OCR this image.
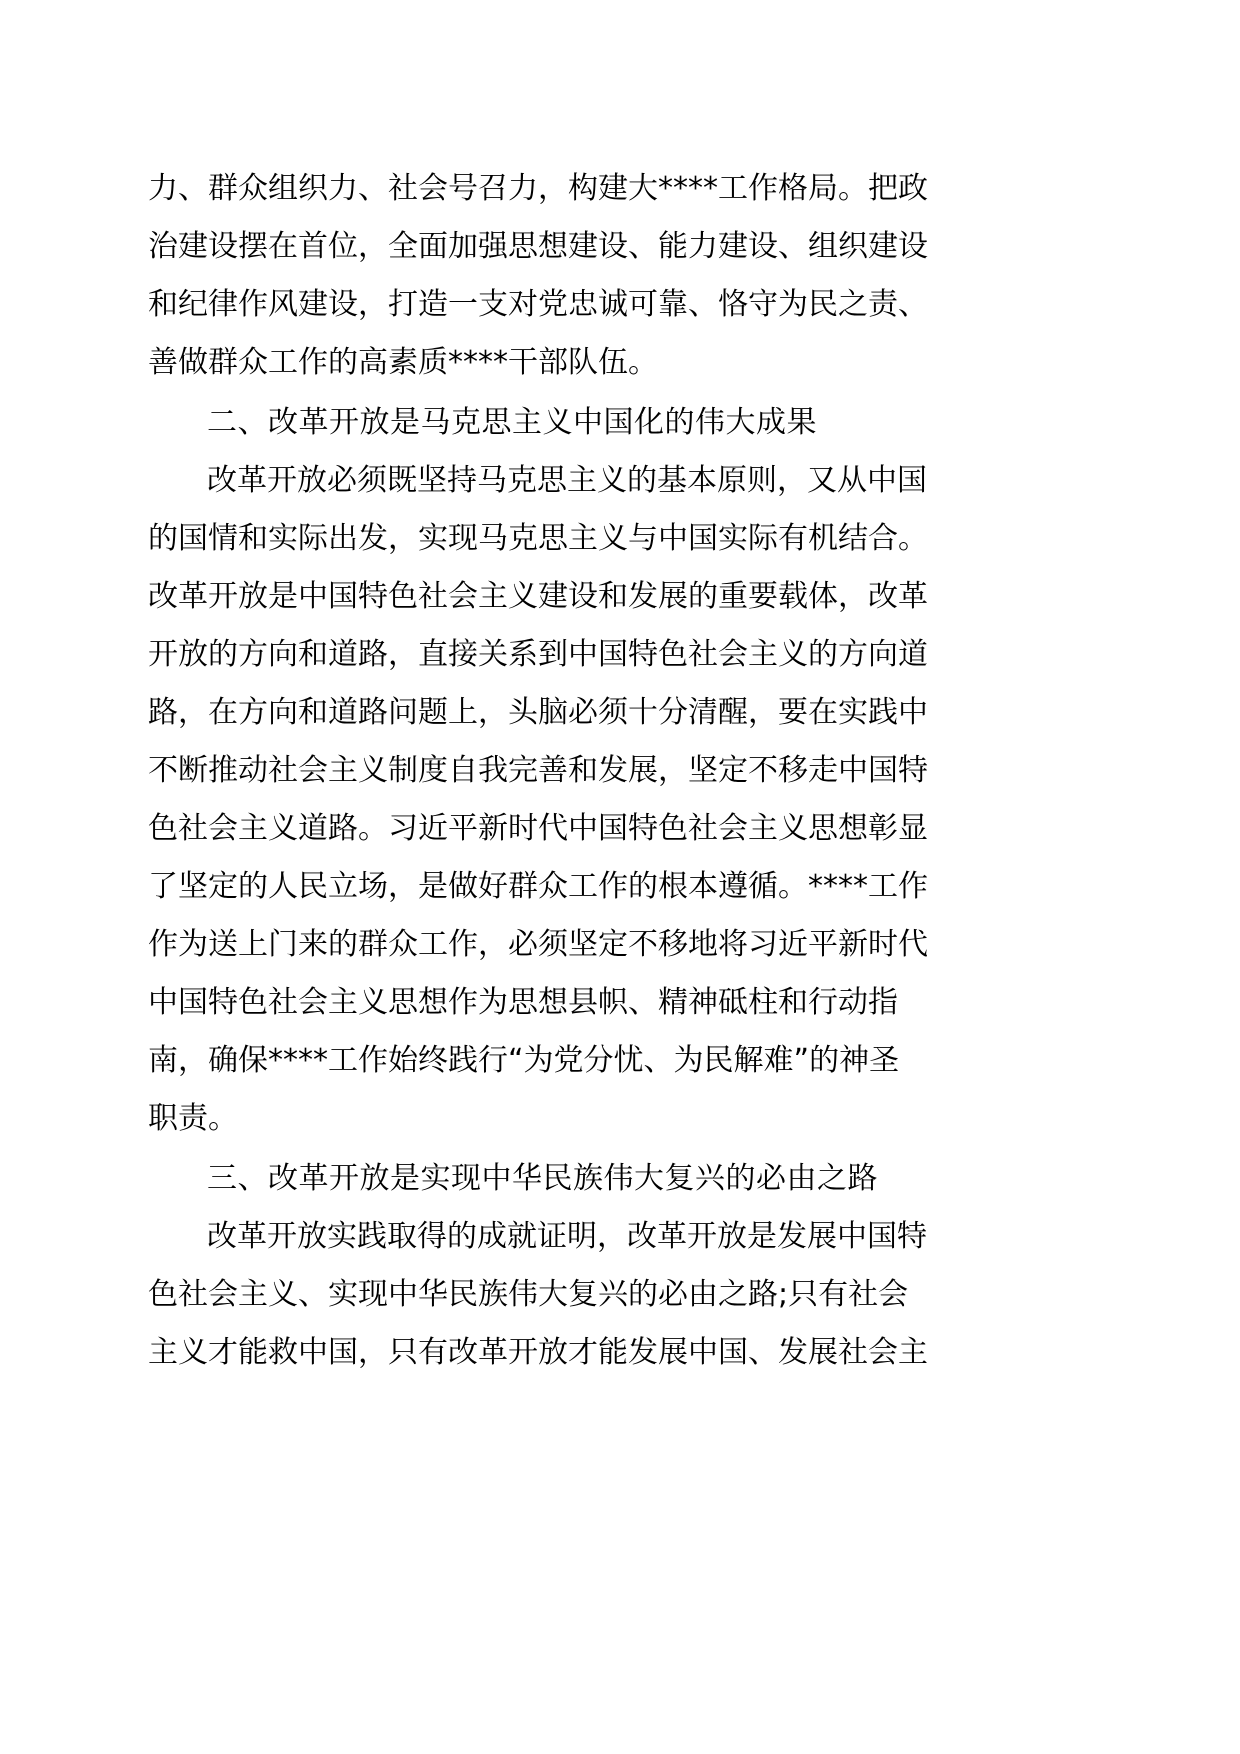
力、群众组织力、社会号召力，构建大****工作格局。把政
治建设摆在首位，全面加强思想建设、能力建设、组织建设
和纪律作风建设，打造一支对党忠诚可靠、恪守为民之责、
善做群众工作的高素质****干部队伍。
二、改革开放是马克思主义中国化的伟大成果
改革开放必须既坚持马克思主义的基本原则，又从中国
的国情和实际出发，实现马克思主义与中国实际有机结合。
改革开放是中国特色社会主义建设和发展的重要载体，改革
开放的方向和道路，直接关系到中国特色社会主义的方向道
路，在方向和道路问题上，头脑必须十分清醒，要在实践中
不断推动社会主义制度自我完善和发展，坚定不移走中国特
色社会主义道路。习近平新时代中国特色社会主义思想彰显
了坚定的人民立场，是做好群众工作的根本遵循。****工作
作为送上门来的群众工作，必须坚定不移地将习近平新时代
中国特色社会主义思想作为思想县帜、精神砥柱和行动指
南，确保****工作始终践行“为党分忧、为民解难”的神圣
职责。
三、改革开放是实现中华民族伟大复兴的必由之路
改革开放实践取得的成就证明，改革开放是发展中国特
色社会主义、实现中华民族伟大复兴的必由之路;只有社会
主义才能救中国，只有改革开放才能发展中国、发展社会主
